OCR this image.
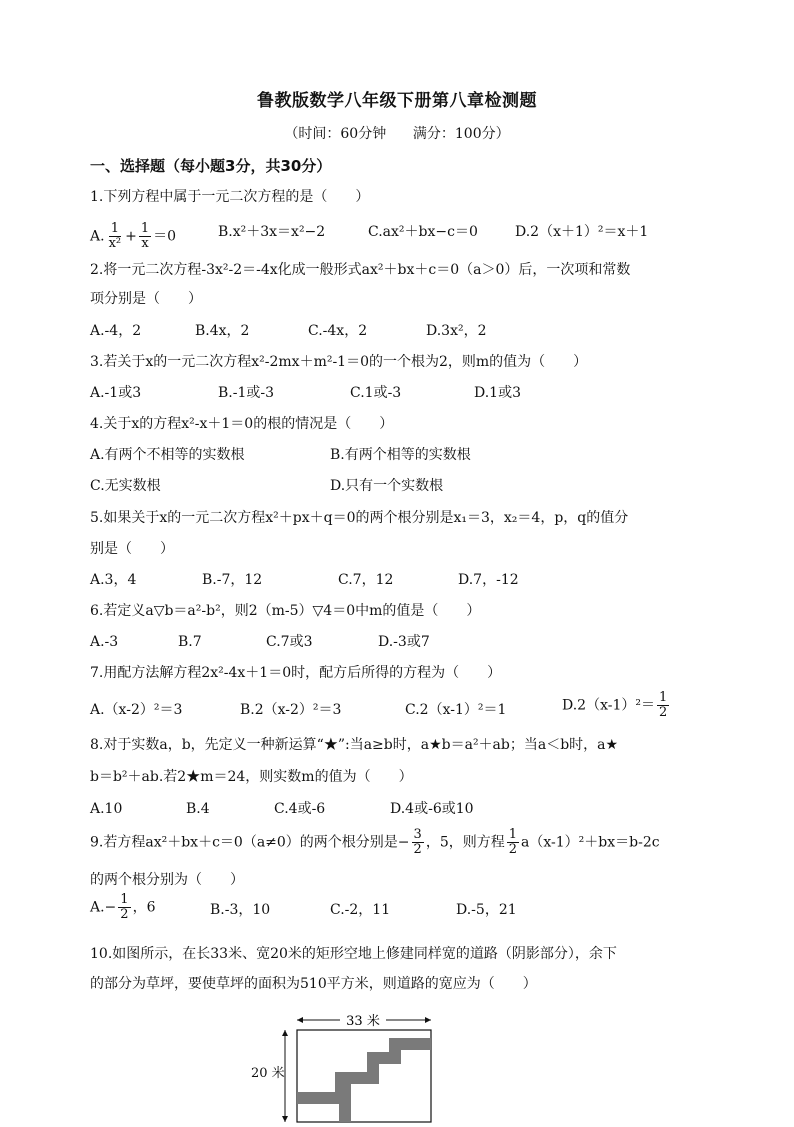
鲁教版数学八年级下册第八章检测题
（时间：60分钟      满分：100分）
一、选择题（每小题3分，共30分）
1.下列方程中属于一元二次方程的是（　　）
A. $\frac{1}{\text{x²}} + \frac{1}{x} =0$	B.x²＋3x＝x²−2	C.ax²＋bx−c＝0	D.2（x＋1）²＝x＋1
2.将一元二次方程-3x²-2＝-4x化成一般形式ax²＋bx＋c＝0（a＞0）后，一次项和常数
项分别是（　　）
A.-4，2	B.4x，2	C.-4x，2	D.3x²，2
3.若关于x的一元二次方程x²-2mx＋m²-1＝0的一个根为2，则m的值为（　　）
A.-1或3	B.-1或-3	C.1或-3	D.1或3
4.关于x的方程x²-x＋1＝0的根的情况是（　　）
A.有两个不相等的实数根	B.有两个相等的实数根
C.无实数根	D.只有一个实数根
5.如果关于x的一元二次方程x²＋px＋q＝0的两个根分别是x₁＝3，x₂＝4，p，q的值分
别是（　　）
A.3，4	B.-7，12	C.7，12	D.7，-12
6.若定义a▽b＝a²-b²，则2（m-5）▽4＝0中m的值是（　　）
A.-3	B.7	C.7或3	D.-3或7
7.用配方法解方程2x²-4x＋1＝0时，配方后所得的方程为（　　）
A.（x-2）²＝3	B.2（x-2）²＝3	C.2（x-1）²＝1	$D.2(x-1)^2= \frac{1}{2}$
8.对于实数a，b，先定义一种新运算“★”:当a≥b时，a★b＝a²＋ab；当a＜b时，a★
b＝b²＋ab.若2★m＝24，则实数m的值为（　　）
A.10	B.4	C.4或-6	D.4或-6或10
9.若方程ax²＋bx＋c＝0（a≠0）的两个根分别是− $\frac{3}{2}$ ，5，则方程 $\frac{1}{2} a(x-1)^2+bx=b-2c$
的两个根分别为（　　）
$A.- \frac{1}{2}$ ，6	B.-3，10	C.-2，11	D.-5，21
10.如图所示，在长33米、宽20米的矩形空地上修建同样宽的道路（阴影部分），余下
的部分为草坪，要使草坪的面积为510平方米，则道路的宽应为（　　）
33 米
20 米
